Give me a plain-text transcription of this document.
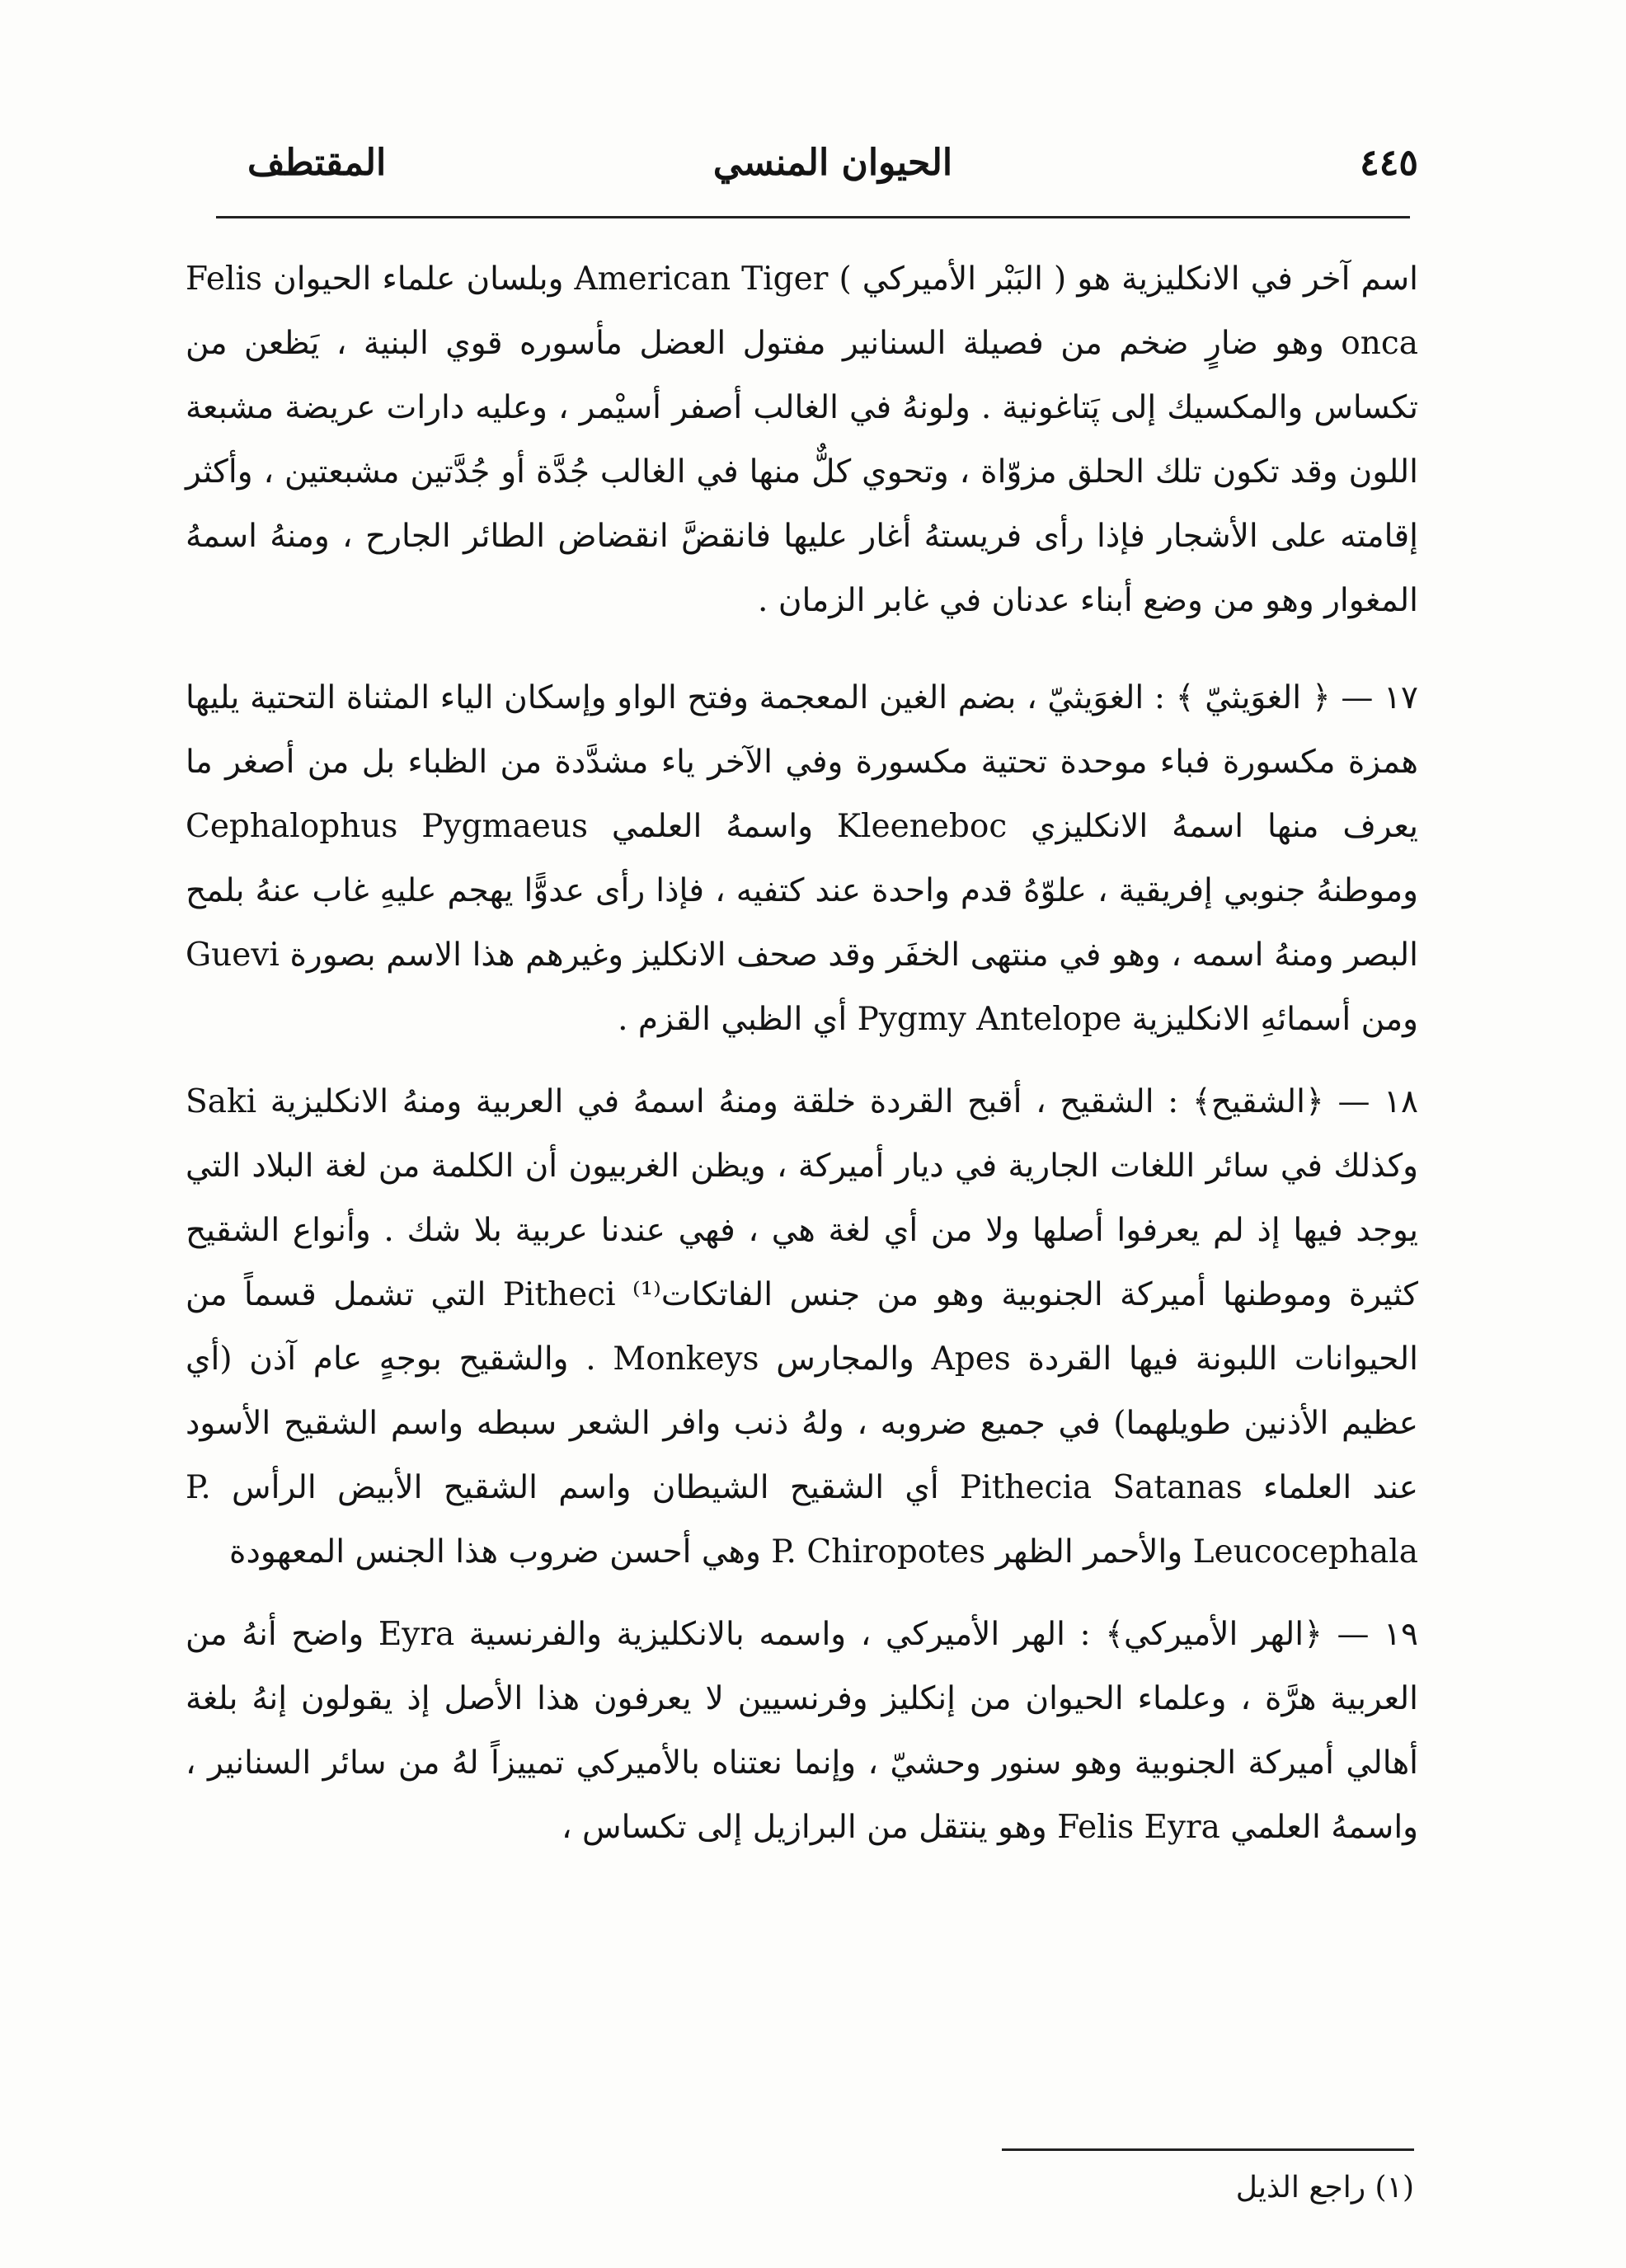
٤٤٥
الحيوان المنسي
المقتطف

اسم آخر في الانكليزية هو ( البَبْر الأميركي ) American Tiger وبلسان علماء الحيوان Felis onca وهو ضارٍ ضخم من فصيلة السنانير مفتول العضل مأسوره قوي البنية ، يَظعن من تكساس والمكسيك إلى پَتاغونية . ولونهُ في الغالب أصفر أسيْمر ، وعليه دارات عريضة مشبعة اللون وقد تكون تلك الحلق مزوّاة ، وتحوي كلٌّ منها في الغالب جُدَّة أو جُدَّتين مشبعتين ، وأكثر إقامته على الأشجار فإذا رأى فريستهُ أغار عليها فانقضَّ انقضاض الطائر الجارح ، ومنهُ اسمهُ المغوار وهو من وضع أبناء عدنان في غابر الزمان .

١٧ — ﴿ الغوَيثيّ ﴾ : الغوَيثيّ ، بضم الغين المعجمة وفتح الواو وإسكان الياء المثناة التحتية يليها همزة مكسورة فباء موحدة تحتية مكسورة وفي الآخر ياء مشدَّدة من الظباء بل من أصغر ما يعرف منها اسمهُ الانكليزي Kleeneboc واسمهُ العلمي Cephalophus Pygmaeus وموطنهُ جنوبي إفريقية ، علوّهُ قدم واحدة عند كتفيه ، فإذا رأى عدوًّا يهجم عليهِ غاب عنهُ بلمح البصر ومنهُ اسمه ، وهو في منتهى الخفَر وقد صحف الانكليز وغيرهم هذا الاسم بصورة Guevi ومن أسمائهِ الانكليزية Pygmy Antelope أي الظبي القزم .

١٨ — ﴿الشقيح﴾ : الشقيح ، أقبح القردة خلقة ومنهُ اسمهُ في العربية ومنهُ الانكليزية Saki وكذلك في سائر اللغات الجارية في ديار أميركة ، ويظن الغربيون أن الكلمة من لغة البلاد التي يوجد فيها إذ لم يعرفوا أصلها ولا من أي لغة هي ، فهي عندنا عربية بلا شك . وأنواع الشقيح كثيرة وموطنها أميركة الجنوبية وهو من جنس الفاتكات⁽¹⁾ Pitheci التي تشمل قسماً من الحيوانات اللبونة فيها القردة Apes والمجارس Monkeys . والشقيح بوجهٍ عام آذن (أي عظيم الأذنين طويلهما) في جميع ضروبه ، ولهُ ذنب وافر الشعر سبطه واسم الشقيح الأسود عند العلماء Pithecia Satanas أي الشقيح الشيطان واسم الشقيح الأبيض الرأس P. Leucocephala والأحمر الظهر P. Chiropotes وهي أحسن ضروب هذا الجنس المعهودة

١٩ — ﴿الهر الأميركي﴾ : الهر الأميركي ، واسمه بالانكليزية والفرنسية Eyra واضح أنهُ من العربية هرَّة ، وعلماء الحيوان من إنكليز وفرنسيين لا يعرفون هذا الأصل إذ يقولون إنهُ بلغة أهالي أميركة الجنوبية وهو سنور وحشيّ ، وإنما نعتناه بالأميركي تمييزاً لهُ من سائر السنانير ، واسمهُ العلمي Felis Eyra وهو ينتقل من البرازيل إلى تكساس ،

(١) راجع الذيل
